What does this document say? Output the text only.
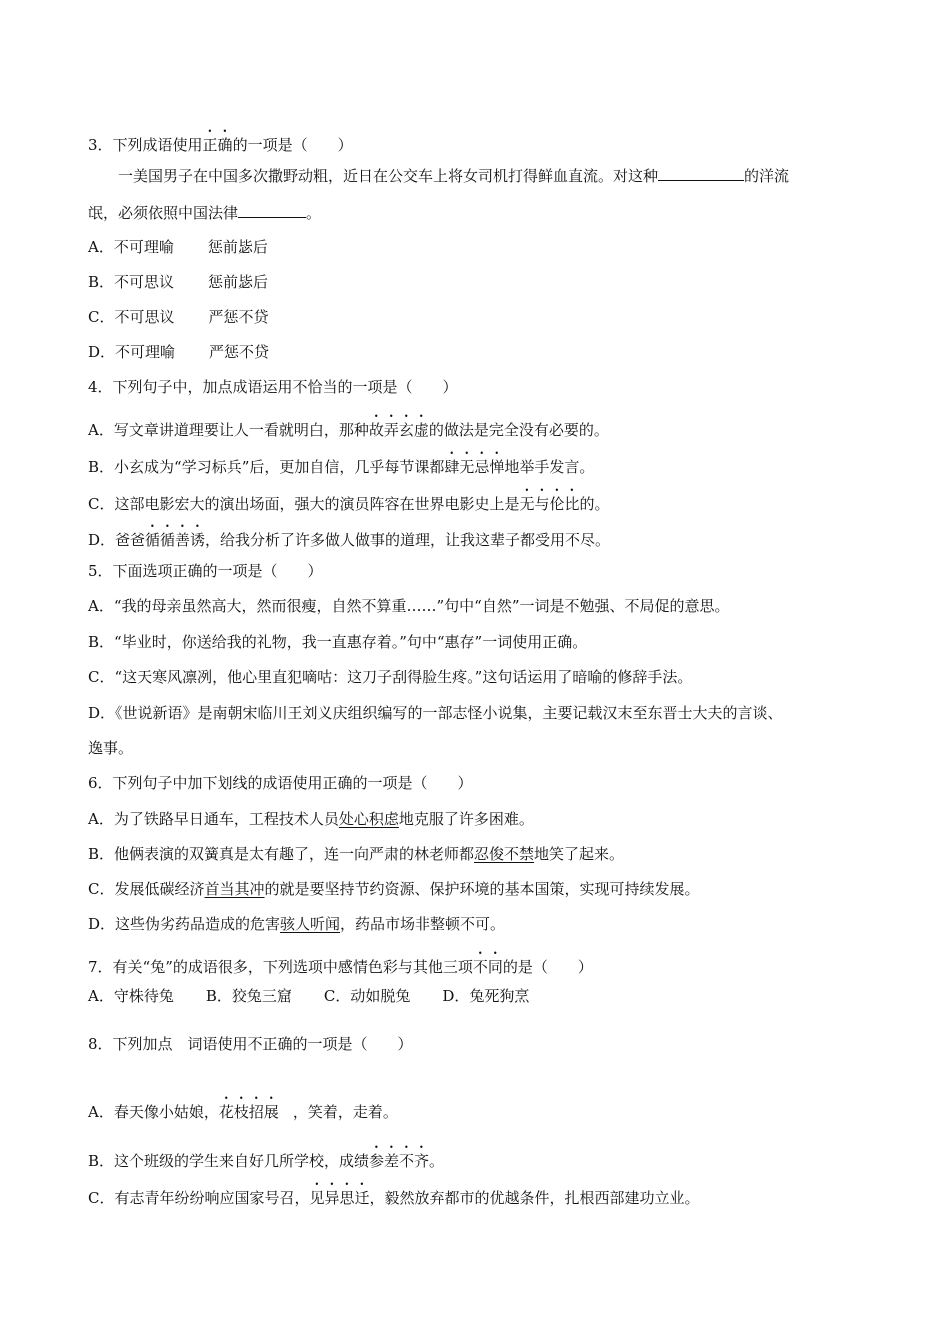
3．下列成语使用正确的一项是（　　）
一美国男子在中国多次撒野动粗，近日在公交车上将女司机打得鲜血直流。对这种	的洋流
氓，必须依照中国法律	。
A．不可理喻 惩前毖后
B．不可思议 惩前毖后
C．不可思议 严惩不贷
D．不可理喻 严惩不贷
4．下列句子中，加点成语运用不恰当的一项是（　　）
A．写文章讲道理要让人一看就明白，那种故弄玄虚的做法是完全没有必要的。
B．小玄成为“学习标兵”后，更加自信，几乎每节课都肆无忌惮地举手发言。
C．这部电影宏大的演出场面，强大的演员阵容在世界电影史上是无与伦比的。
D．爸爸循循善诱，给我分析了许多做人做事的道理，让我这辈子都受用不尽。
5．下面选项正确的一项是（　　）
A．“我的母亲虽然高大，然而很瘦，自然不算重……”句中“自然”一词是不勉强、不局促的意思。
B．“毕业时，你送给我的礼物，我一直惠存着。”句中“惠存”一词使用正确。
C．“这天寒风凛冽，他心里直犯嘀咕：这刀子刮得脸生疼。”这句话运用了暗喻的修辞手法。
D．《世说新语》是南朝宋临川王刘义庆组织编写的一部志怪小说集，主要记载汉末至东晋士大夫的言谈、
逸事。
6．下列句子中加下划线的成语使用正确的一项是（　　）
A．为了铁路早日通车，工程技术人员处心积虑地克服了许多困难。
B．他俩表演的双簧真是太有趣了，连一向严肃的林老师都忍俊不禁地笑了起来。
C．发展低碳经济首当其冲的就是要坚持节约资源、保护环境的基本国策，实现可持续发展。
D．这些伪劣药品造成的危害骇人听闻，药品市场非整顿不可。
7．有关“兔”的成语很多，下列选项中感情色彩与其他三项不同的是（　　）
A．守株待兔 B．狡兔三窟 C．动如脱兔 D．兔死狗烹
8．下列加点　词语使用不正确的一项是（　　）
A．春天像小姑娘，花枝招展 ，笑着，走着。
B．这个班级的学生来自好几所学校，成绩参差不齐。
C．有志青年纷纷响应国家号召，见异思迁，毅然放弃都市的优越条件，扎根西部建功立业。
